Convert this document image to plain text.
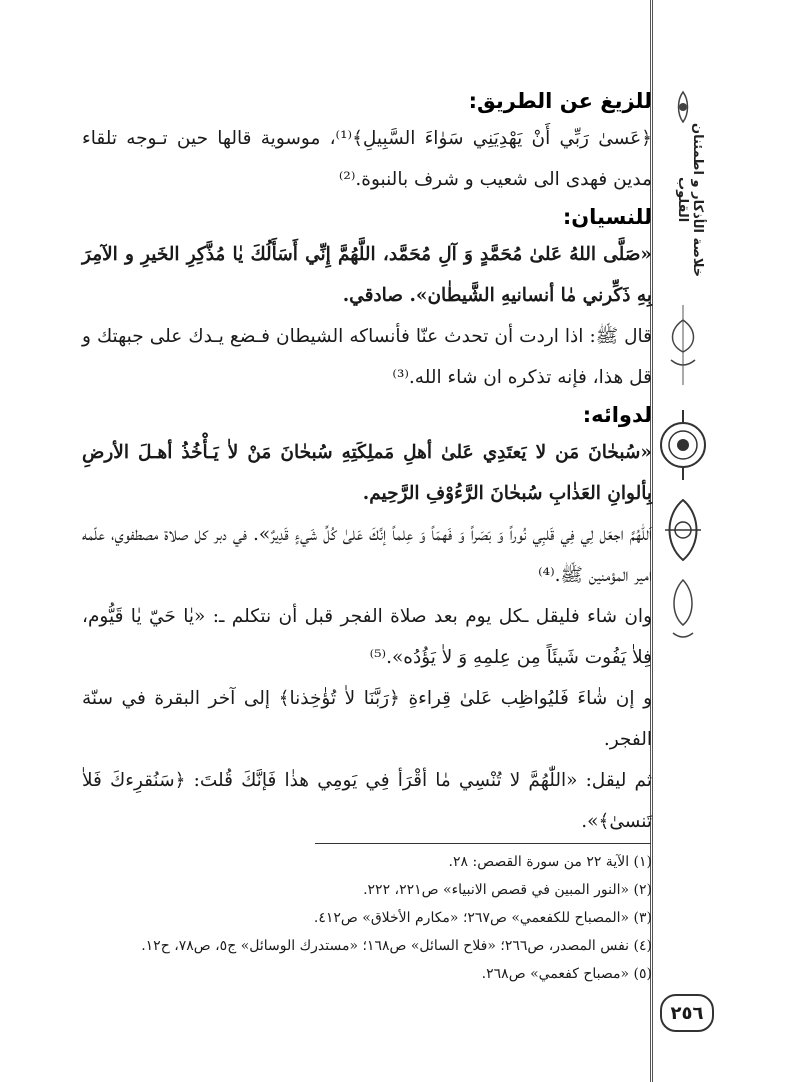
خلاصة الأذكار و اطمئنان القلوب
٢٥٦
للزيغ عن الطريق:

﴿عَسىٰ رَبِّي أَنْ يَهْدِيَنِي سَوٰاءَ السَّبِيلِ﴾⁽¹⁾، موسوية قالها حين تـوجه تلقاء مدين فهدى الى شعيب و شرف بالنبوة.⁽²⁾

للنسيان:

«صَلَّى اللهُ عَلىٰ مُحَمَّدٍ وَ آلِ مُحَمَّد، اللَّهُمَّ إِنِّي أَسَأَلُكَ يٰا مُذَّكِرِ الخَيرِ و الآمِرَ بِهِ ذَكِّرني مٰا أنسانيهِ الشَّيطٰان». صادقي.

قال ﷺ: اذا اردت أن تحدث عنّا فأنساكه الشيطان فـضع يـدك على جبهتك و قل هذا، فإنه تذكره ان شاء الله.⁽³⁾

لدوائه:

«سُبحٰانَ مَن لا يَعتَدِي عَلىٰ أهلِ مَملِكَتِهِ سُبحٰانَ مَنْ لاٰ يَـأْخُذُ أهـلَ الأرضِ بِألوانِ العَذٰابِ سُبحٰانَ الرَّءُوْفِ الرَّحِيم.

اَللّٰهُمَّ اجعَل لِي فِي قَلبِي نُوراً وَ بَصَراً وَ فَهمَاً وَ عِلماً إنَّكَ عَلىٰ كُلِّ شَيءٍ قَدِيرٌ». في دبر كل صلاة مصطفوي، علّمه امير المؤمنين ﷺ.⁽⁴⁾

وان شاء فليقل ـكل يوم بعد صلاة الفجر قبل أن نتكلم ـ: «يٰا حَيّ يٰا قَيُّوم، فِلاٰ يَفُوت شَيئَاً مِن عِلمِهِ وَ لاٰ يَؤُدُه».⁽⁵⁾

و إن شٰاءَ فَليُواظِب عَلىٰ قِراءةِ ﴿رَبَّنَا لاٰ تُؤٰخِذنا﴾ إلى آخر البقرة في سنّة الفجر.

ثم ليقل: «اللّٰهُمَّ لا تُنْسِي مٰا أقْرَأ فِي يَومِي هذٰا فَإنَّكَ قُلتَ: ﴿سَنُقرِءكَ فَلاٰ تَنسىٰ﴾».

(١) الآية ٢٢ من سورة القصص: ٢٨.

(٢) «النور المبين في قصص الانبياء» ص٢٢١، ٢٢٢.

(٣) «المصباح للكفعمي» ص٢٦٧؛ «مكارم الأخلاق» ص٤١٢.

(٤) نفس المصدر، ص٢٦٦؛ «فلاح السائل» ص١٦٨؛ «مستدرك الوسائل» ج٥، ص٧٨، ح١٢.

(٥) «مصباح كفعمي» ص٢٦٨.
